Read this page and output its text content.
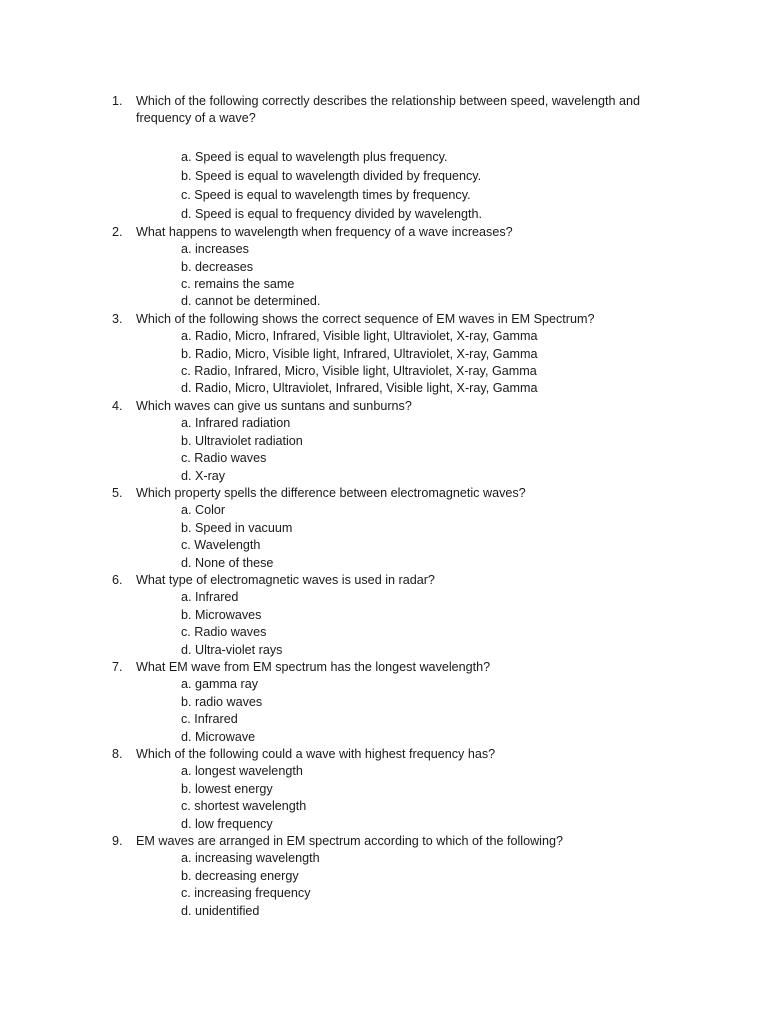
1. Which of the following correctly describes the relationship between speed, wavelength and frequency of a wave?
a. Speed is equal to wavelength plus frequency.
b. Speed is equal to wavelength divided by frequency.
c. Speed is equal to wavelength times by frequency.
d. Speed is equal to frequency divided by wavelength.
2. What happens to wavelength when frequency of a wave increases?
a. increases
b. decreases
c. remains the same
d. cannot be determined.
3. Which of the following shows the correct sequence of EM waves in EM Spectrum?
a. Radio, Micro, Infrared, Visible light, Ultraviolet, X-ray, Gamma
b. Radio, Micro, Visible light, Infrared, Ultraviolet, X-ray, Gamma
c. Radio, Infrared, Micro, Visible light, Ultraviolet, X-ray, Gamma
d. Radio, Micro, Ultraviolet, Infrared, Visible light, X-ray, Gamma
4. Which waves can give us suntans and sunburns?
a. Infrared radiation
b. Ultraviolet radiation
c. Radio waves
d. X-ray
5. Which property spells the difference between electromagnetic waves?
a. Color
b. Speed in vacuum
c. Wavelength
d. None of these
6. What type of electromagnetic waves is used in radar?
a. Infrared
b. Microwaves
c. Radio waves
d. Ultra-violet rays
7. What EM wave from EM spectrum has the longest wavelength?
a. gamma ray
b. radio waves
c. Infrared
d. Microwave
8. Which of the following could a wave with highest frequency has?
a. longest wavelength
b. lowest energy
c. shortest wavelength
d. low frequency
9. EM waves are arranged in EM spectrum according to which of the following?
a. increasing wavelength
b. decreasing energy
c. increasing frequency
d. unidentified
